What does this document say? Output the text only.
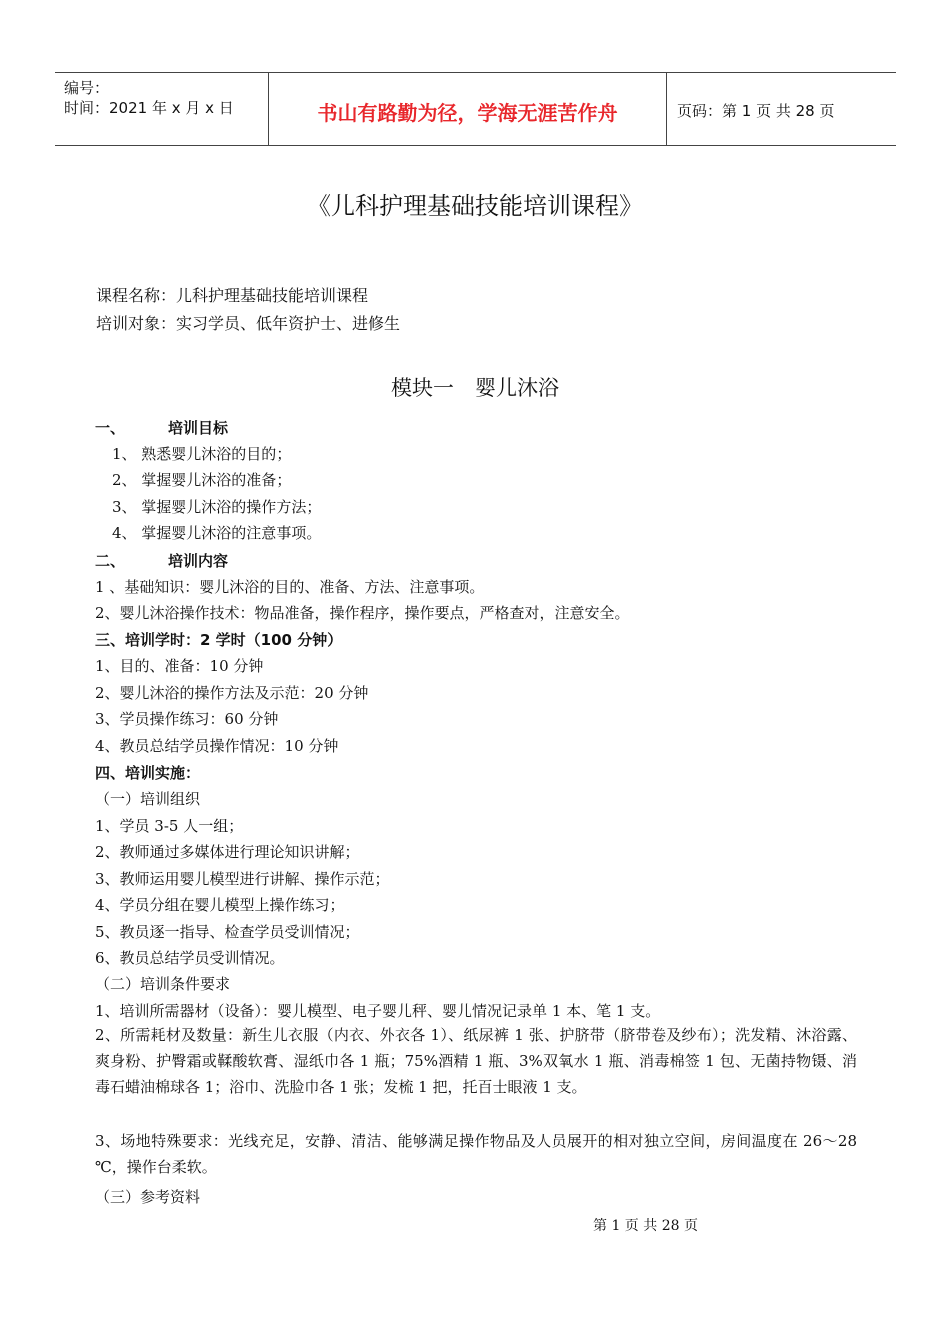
编号：
时间：2021 年 x 月 x 日	书山有路勤为径，学海无涯苦作舟	页码：第 1 页 共 28 页
《儿科护理基础技能培训课程》
课程名称：儿科护理基础技能培训课程
培训对象：实习学员、低年资护士、进修生
模块一　婴儿沐浴
一、	培训目标
1、 熟悉婴儿沐浴的目的；
2、 掌握婴儿沐浴的准备；
3、 掌握婴儿沐浴的操作方法；
4、 掌握婴儿沐浴的注意事项。
二、	培训内容
1 、基础知识：婴儿沐浴的目的、准备、方法、注意事项。
2、婴儿沐浴操作技术：物品准备，操作程序，操作要点，严格查对，注意安全。
三、培训学时：2 学时（100 分钟）
1、目的、准备：10 分钟
2、婴儿沐浴的操作方法及示范：20 分钟
3、学员操作练习：60 分钟
4、教员总结学员操作情况：10 分钟
四、培训实施：
（一）培训组织
1、学员 3-5 人一组；
2、教师通过多媒体进行理论知识讲解；
3、教师运用婴儿模型进行讲解、操作示范；
4、学员分组在婴儿模型上操作练习；
5、教员逐一指导、检查学员受训情况；
6、教员总结学员受训情况。
（二）培训条件要求
1、培训所需器材（设备）：婴儿模型、电子婴儿秤、婴儿情况记录单 1 本、笔 1 支。
2、所需耗材及数量：新生儿衣服（内衣、外衣各 1）、纸尿裤 1 张、护脐带（脐带卷及纱布）；洗发精、沐浴露、爽身粉、护臀霜或鞣酸软膏、湿纸巾各 1 瓶；75%酒精 1 瓶、3%双氧水 1 瓶、消毒棉签 1 包、无菌持物镊、消毒石蜡油棉球各 1；浴巾、洗脸巾各 1 张；发梳 1 把，托百士眼液 1 支。
3、场地特殊要求：光线充足，安静、清洁、能够满足操作物品及人员展开的相对独立空间，房间温度在 26～28 ℃，操作台柔软。
（三）参考资料
第 1 页 共 28 页
